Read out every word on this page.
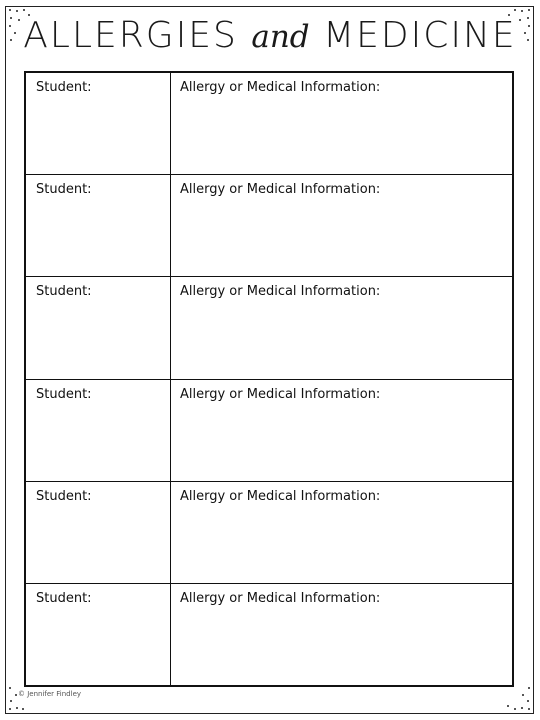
ALLERGIES and MEDICINE
Student:	Allergy or Medical Information:
Student:	Allergy or Medical Information:
Student:	Allergy or Medical Information:
Student:	Allergy or Medical Information:
Student:	Allergy or Medical Information:
Student:	Allergy or Medical Information:
© Jennifer Findley
